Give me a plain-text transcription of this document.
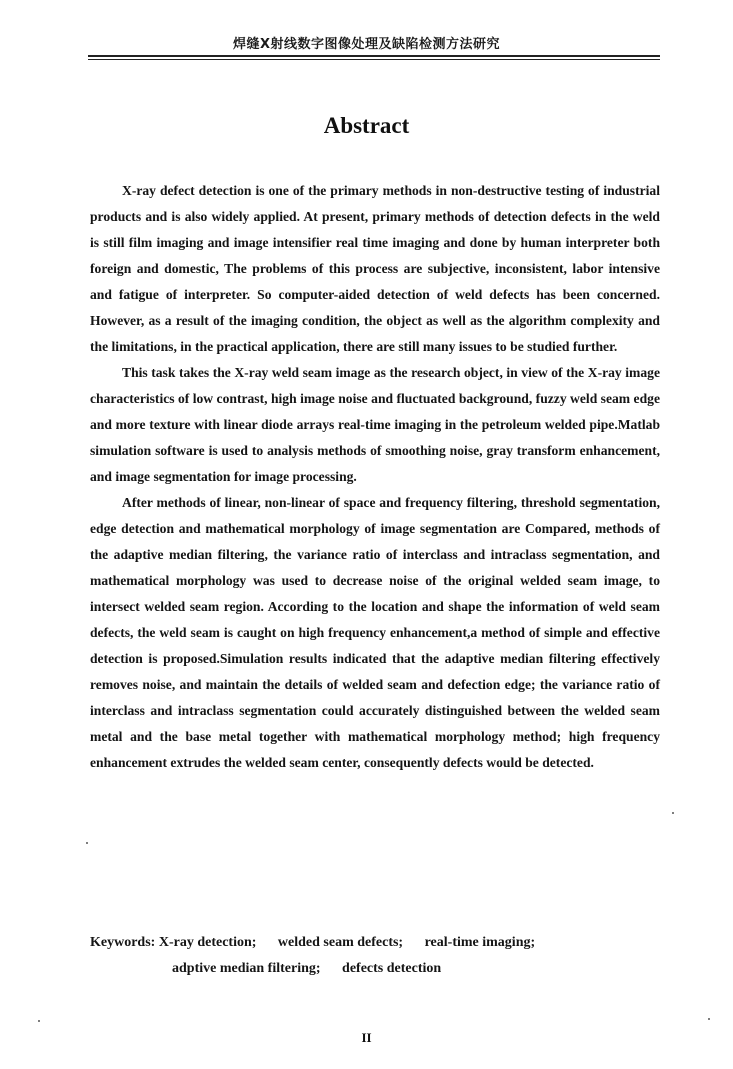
焊缝X射线数字图像处理及缺陷检测方法研究
Abstract

X-ray defect detection is one of the primary methods in non-destructive testing of industrial products and is also widely applied. At present, primary methods of detection defects in the weld is still film imaging and image intensifier real time imaging and done by human interpreter both foreign and domestic, The problems of this process are subjective, inconsistent, labor intensive and fatigue of interpreter. So computer-aided detection of weld defects has been concerned. However, as a result of the imaging condition, the object as well as the algorithm complexity and the limitations, in the practical application, there are still many issues to be studied further.

This task takes the X-ray weld seam image as the research object, in view of the X-ray image characteristics of low contrast, high image noise and fluctuated background, fuzzy weld seam edge and more texture with linear diode arrays real-time imaging in the petroleum welded pipe.Matlab simulation software is used to analysis methods of smoothing noise, gray transform enhancement, and image segmentation for image processing.

After methods of linear, non-linear of space and frequency filtering, threshold segmentation, edge detection and mathematical morphology of image segmentation are Compared, methods of the adaptive median filtering, the variance ratio of interclass and intraclass segmentation, and mathematical morphology was used to decrease noise of the original welded seam image, to intersect welded seam region. According to the location and shape the information of weld seam defects, the weld seam is caught on high frequency enhancement,a method of simple and effective detection is proposed.Simulation results indicated that the adaptive median filtering effectively removes noise, and maintain the details of welded seam and defection edge; the variance ratio of interclass and intraclass segmentation could accurately distinguished between the welded seam metal and the base metal together with mathematical morphology method; high frequency enhancement extrudes the welded seam center, consequently defects would be detected.

Keywords: X-ray detection; welded seam defects; real-time imaging;
adptive median filtering; defects detection
II
